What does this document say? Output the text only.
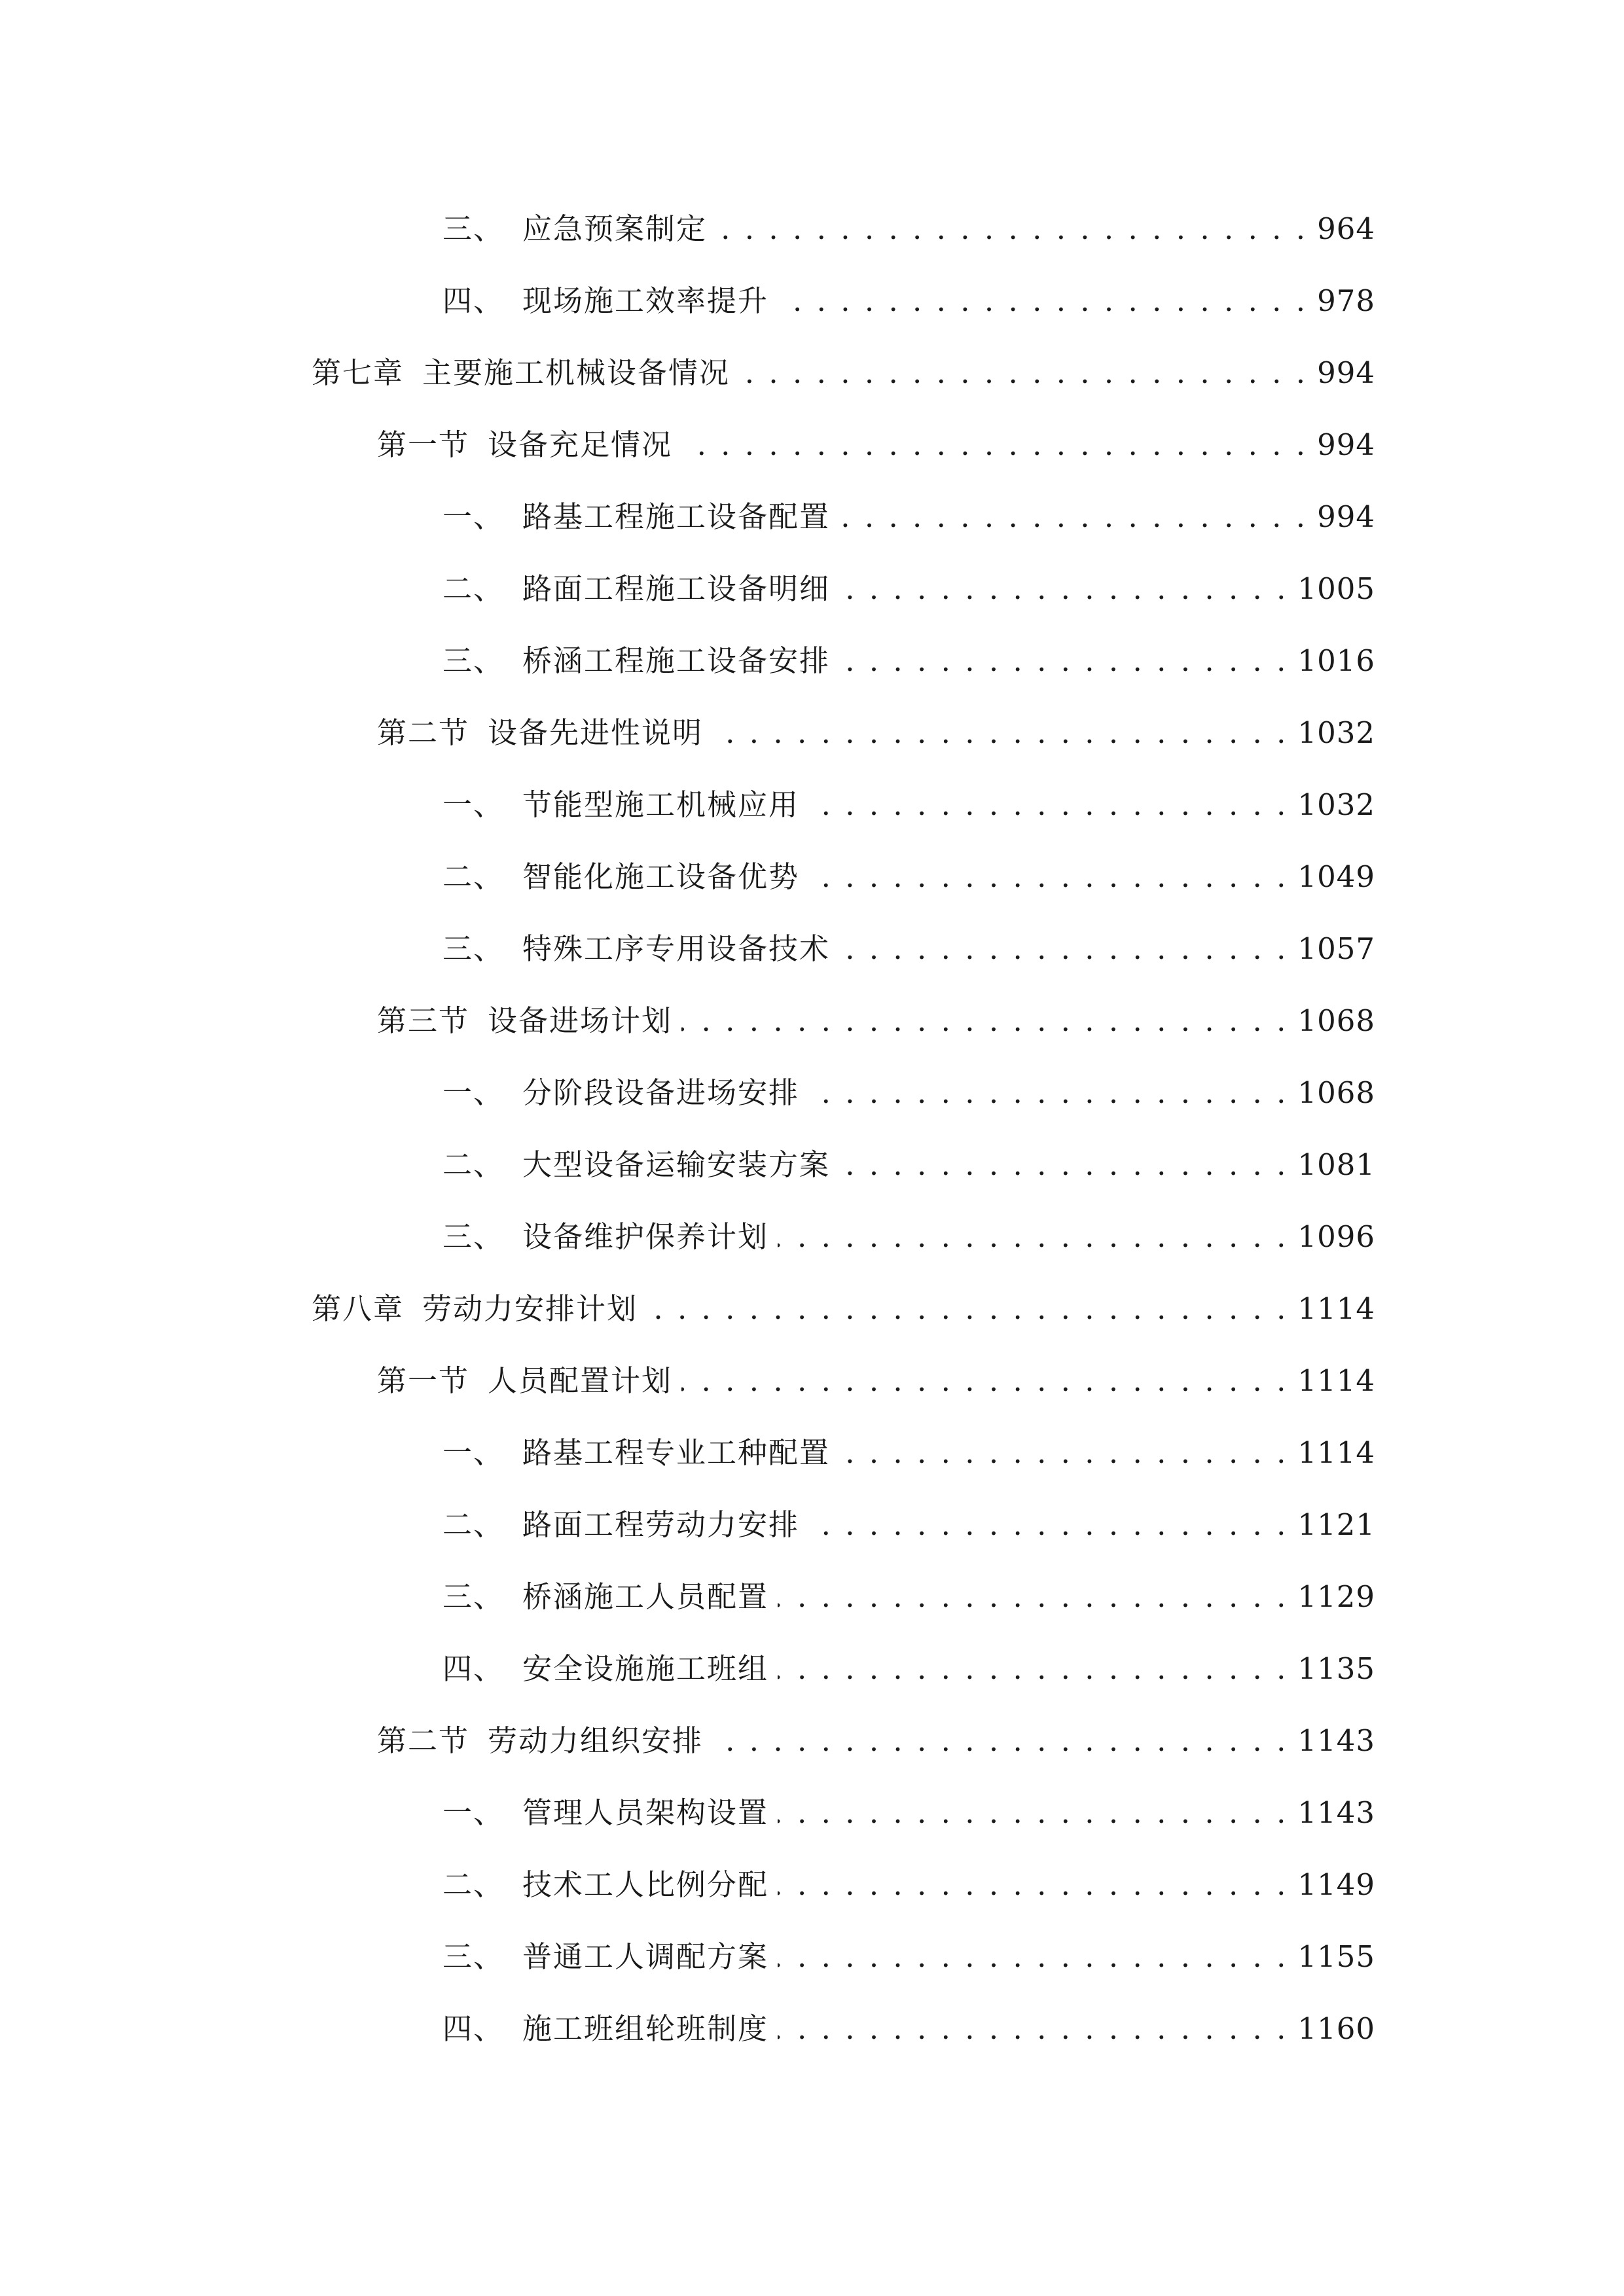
三、 应急预案制定 . . .	964
四、 现场施工效率提升 . . .	978
第七章 主要施工机械设备情况 . . .	994
第一节 设备充足情况 . . .	994
一、 路基工程施工设备配置 . . .	994
二、 路面工程施工设备明细 . . .	1005
三、 桥涵工程施工设备安排 . . .	1016
第二节 设备先进性说明 . . .	1032
一、 节能型施工机械应用 . . .	1032
二、 智能化施工设备优势 . . .	1049
三、 特殊工序专用设备技术 . . .	1057
第三节 设备进场计划 . . .	1068
一、 分阶段设备进场安排 . . .	1068
二、 大型设备运输安装方案 . . .	1081
三、 设备维护保养计划 . . .	1096
第八章 劳动力安排计划 . . .	1114
第一节 人员配置计划 . . .	1114
一、 路基工程专业工种配置 . . .	1114
二、 路面工程劳动力安排 . . .	1121
三、 桥涵施工人员配置 . . .	1129
四、 安全设施施工班组 . . .	1135
第二节 劳动力组织安排 . . .	1143
一、 管理人员架构设置 . . .	1143
二、 技术工人比例分配 . . .	1149
三、 普通工人调配方案 . . .	1155
四、 施工班组轮班制度 . . .	1160
